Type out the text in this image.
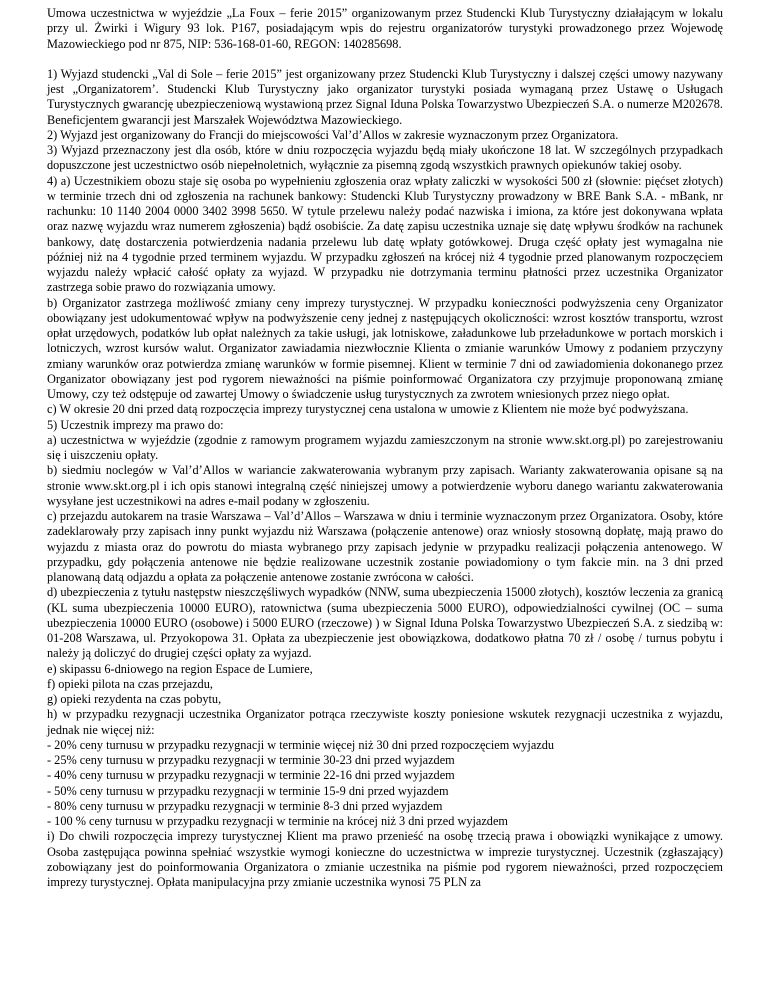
Umowa uczestnictwa w wyjeździe „La Foux – ferie 2015” organizowanym przez Studencki Klub Turystyczny działającym w lokalu przy ul. Żwirki i Wigury 93 lok. P167, posiadającym wpis do rejestru organizatorów turystyki prowadzonego przez Wojewodę Mazowieckiego pod nr 875, NIP: 536-168-01-60, REGON: 140285698.

1) Wyjazd studencki „Val di Sole – ferie 2015” jest organizowany przez Studencki Klub Turystyczny i dalszej części umowy nazywany jest „Organizatorem’. Studencki Klub Turystyczny jako organizator turystyki posiada wymaganą przez Ustawę o Usługach Turystycznych gwarancję ubezpieczeniową wystawioną przez Signal Iduna Polska Towarzystwo Ubezpieczeń S.A. o numerze M202678. Beneficjentem gwarancji jest Marszałek Województwa Mazowieckiego.

2) Wyjazd jest organizowany do Francji do miejscowości Val’d’Allos w zakresie wyznaczonym przez Organizatora.

3) Wyjazd przeznaczony jest dla osób, które w dniu rozpoczęcia wyjazdu będą miały ukończone 18 lat. W szczególnych przypadkach dopuszczone jest uczestnictwo osób niepełnoletnich, wyłącznie za pisemną zgodą wszystkich prawnych opiekunów takiej osoby.

4) a) Uczestnikiem obozu staje się osoba po wypełnieniu zgłoszenia oraz wpłaty zaliczki w wysokości 500 zł (słownie: pięćset złotych) w terminie trzech dni od zgłoszenia na rachunek bankowy: Studencki Klub Turystyczny prowadzony w BRE Bank S.A. - mBank, nr rachunku: 10 1140 2004 0000 3402 3998 5650. W tytule przelewu należy podać nazwiska i imiona, za które jest dokonywana wpłata oraz nazwę wyjazdu wraz numerem zgłoszenia) bądź osobiście. Za datę zapisu uczestnika uznaje się datę wpływu środków na rachunek bankowy, datę dostarczenia potwierdzenia nadania przelewu lub datę wpłaty gotówkowej. Druga część opłaty jest wymagalna nie później niż na 4 tygodnie przed terminem wyjazdu. W przypadku zgłoszeń na krócej niż 4 tygodnie przed planowanym rozpoczęciem wyjazdu należy wpłacić całość opłaty za wyjazd. W przypadku nie dotrzymania terminu płatności przez uczestnika Organizator zastrzega sobie prawo do rozwiązania umowy.

b) Organizator zastrzega możliwość zmiany ceny imprezy turystycznej. W przypadku konieczności podwyższenia ceny Organizator obowiązany jest udokumentować wpływ na podwyższenie ceny jednej z następujących okoliczności: wzrost kosztów transportu, wzrost opłat urzędowych, podatków lub opłat należnych za takie usługi, jak lotniskowe, załadunkowe lub przeładunkowe w portach morskich i lotniczych, wzrost kursów walut. Organizator zawiadamia niezwłocznie Klienta o zmianie warunków Umowy z podaniem przyczyny zmiany warunków oraz potwierdza zmianę warunków w formie pisemnej. Klient w terminie 7 dni od zawiadomienia dokonanego przez Organizator obowiązany jest pod rygorem nieważności na piśmie poinformować Organizatora czy przyjmuje proponowaną zmianę Umowy, czy też odstępuje od zawartej Umowy o świadczenie usług turystycznych za zwrotem wniesionych przez niego opłat.

c) W okresie 20 dni przed datą rozpoczęcia imprezy turystycznej cena ustalona w umowie z Klientem nie może być podwyższana.

5) Uczestnik imprezy ma prawo do:

a) uczestnictwa w wyjeździe (zgodnie z ramowym programem wyjazdu zamieszczonym na stronie www.skt.org.pl) po zarejestrowaniu się i uiszczeniu opłaty.

b) siedmiu noclegów w Val’d’Allos w wariancie zakwaterowania wybranym przy zapisach. Warianty zakwaterowania opisane są na stronie www.skt.org.pl i ich opis stanowi integralną część niniejszej umowy a potwierdzenie wyboru danego wariantu zakwaterowania wysyłane jest uczestnikowi na adres e-mail podany w zgłoszeniu.

c) przejazdu autokarem na trasie Warszawa – Val’d’Allos – Warszawa w dniu i terminie wyznaczonym przez Organizatora. Osoby, które zadeklarowały przy zapisach inny punkt wyjazdu niż Warszawa (połączenie antenowe) oraz wniosły stosowną dopłatę, mają prawo do wyjazdu z miasta oraz do powrotu do miasta wybranego przy zapisach jedynie w przypadku realizacji połączenia antenowego. W przypadku, gdy połączenia antenowe nie będzie realizowane uczestnik zostanie powiadomiony o tym fakcie min. na 3 dni przed planowaną datą odjazdu a opłata za połączenie antenowe zostanie zwrócona w całości.

d) ubezpieczenia z tytułu następstw nieszczęśliwych wypadków (NNW, suma ubezpieczenia 15000 złotych), kosztów leczenia za granicą (KL suma ubezpieczenia 10000 EURO), ratownictwa (suma ubezpieczenia 5000 EURO), odpowiedzialności cywilnej (OC – suma ubezpieczenia 10000 EURO (osobowe) i 5000 EURO (rzeczowe) ) w Signal Iduna Polska Towarzystwo Ubezpieczeń S.A. z siedzibą w: 01-208 Warszawa, ul. Przyokopowa 31. Opłata za ubezpieczenie jest obowiązkowa, dodatkowo płatna 70 zł / osobę / turnus pobytu i należy ją doliczyć do drugiej części opłaty za wyjazd.

e) skipassu 6-dniowego na region Espace de Lumiere,

f) opieki pilota na czas przejazdu,

g) opieki rezydenta na czas pobytu,

h) w przypadku rezygnacji uczestnika Organizator potrąca rzeczywiste koszty poniesione wskutek rezygnacji uczestnika z wyjazdu, jednak nie więcej niż:

- 20% ceny turnusu w przypadku rezygnacji w terminie więcej niż 30 dni przed rozpoczęciem wyjazdu

- 25% ceny turnusu w przypadku rezygnacji w terminie 30-23 dni przed wyjazdem

- 40% ceny turnusu w przypadku rezygnacji w terminie 22-16 dni przed wyjazdem

- 50% ceny turnusu w przypadku rezygnacji w terminie 15-9 dni przed wyjazdem

- 80% ceny turnusu w przypadku rezygnacji w terminie 8-3 dni przed wyjazdem

- 100 % ceny turnusu w przypadku rezygnacji w terminie na krócej niż 3 dni przed wyjazdem

i) Do chwili rozpoczęcia imprezy turystycznej Klient ma prawo przenieść na osobę trzecią prawa i obowiązki wynikające z umowy. Osoba zastępująca powinna spełniać wszystkie wymogi konieczne do uczestnictwa w imprezie turystycznej. Uczestnik (zgłaszający) zobowiązany jest do poinformowania Organizatora o zmianie uczestnika na piśmie pod rygorem nieważności, przed rozpoczęciem imprezy turystycznej. Opłata manipulacyjna przy zmianie uczestnika wynosi 75 PLN za
